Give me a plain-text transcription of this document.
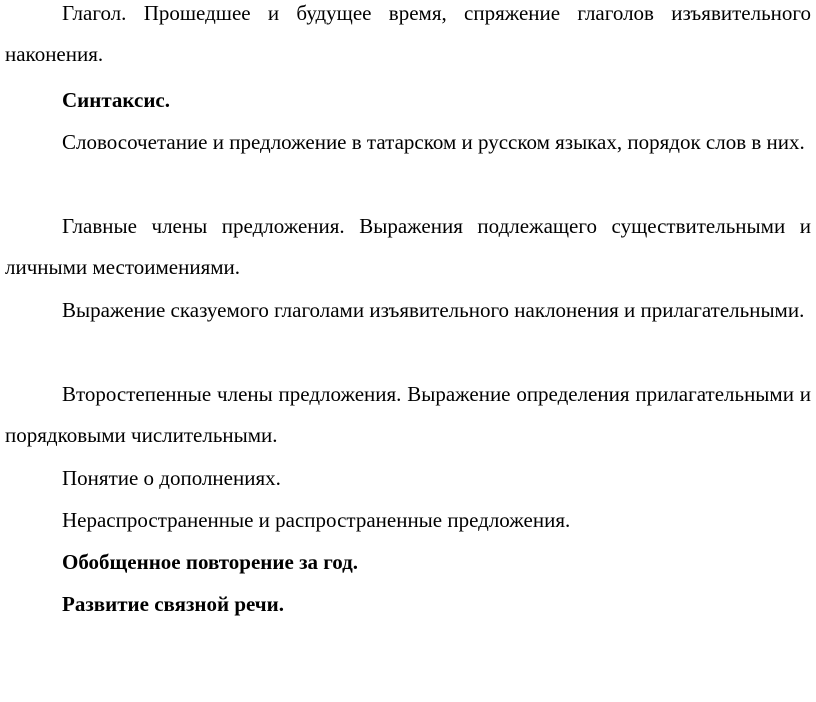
Глагол. Прошедшее и будущее время, спряжение глаголов изъявительного наконения.

Синтаксис.

Словосочетание и предложение в татарском и русском языках, порядок слов в них.

Главные члены предложения. Выражения подлежащего существительными и личными местоимениями.

Выражение сказуемого глаголами изъявительного наклонения и прилагательными.

Второстепенные члены предложения. Выражение определения прилагательными и порядковыми числительными.

Понятие о дополнениях.

Нераспространенные и распространенные предложения.

Обобщенное повторение за год.

Развитие связной речи.
